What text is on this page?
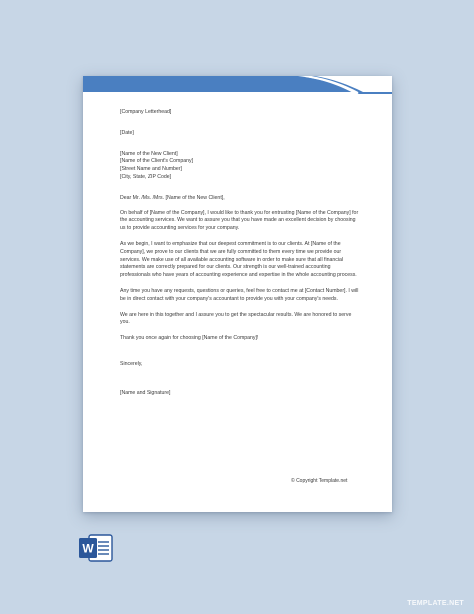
[Company Letterhead]

[Date]

[Name of the New Client]
[Name of the Client's Company]
[Street Name and Number]
[City, State, ZIP Code]

Dear Mr. /Ms. /Mrs. [Name of the New Client],

On behalf of [Name of the Company], I would like to thank you for entrusting [Name of the Company] for the accounting services. We want to assure you that you have made an excellent decision by choosing us to provide accounting services for your company.

As we begin, I want to emphasize that our deepest commitment is to our clients. At [Name of the Company], we prove to our clients that we are fully committed to them every time we provide our services. We make use of all available accounting software in order to make sure that all financial statements are correctly prepared for our clients. Our strength is our well-trained accounting professionals who have years of accounting experience and expertise in the whole accounting process.

Any time you have any requests, questions or queries, feel free to contact me at [Contact Number]. I will be in direct contact with your company's accountant to provide you with your company's needs.

We are here in this together and I assure you to get the spectacular results. We are honored to serve you.

Thank you once again for choosing [Name of the Company]!

Sincerely,

[Name and Signature]

© Copyright Template.net
W
TEMPLATE.NET
